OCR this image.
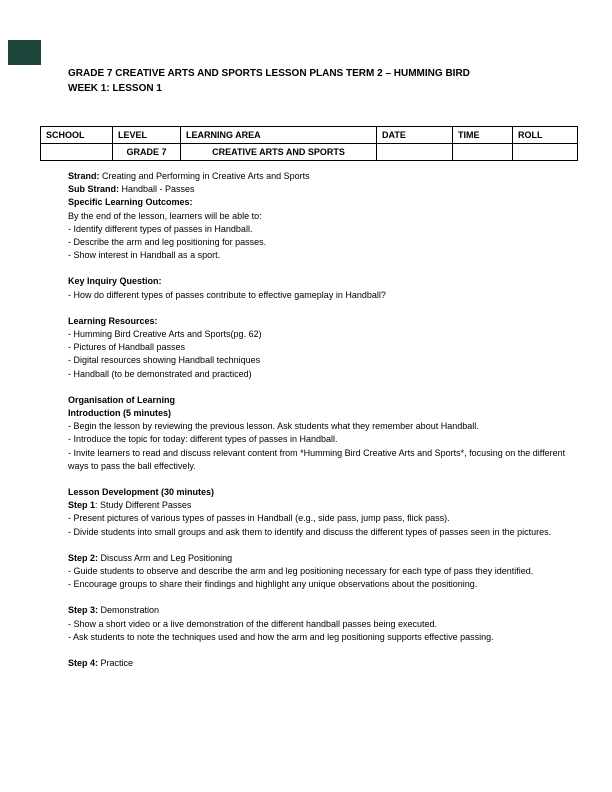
GRADE 7 CREATIVE ARTS AND SPORTS LESSON PLANS TERM 2 – HUMMING BIRD
WEEK 1: LESSON 1
SCHOOL	LEVEL	LEARNING AREA	DATE	TIME	ROLL
	GRADE 7	CREATIVE ARTS AND SPORTS			
Strand: Creating and Performing in Creative Arts and Sports
Sub Strand: Handball - Passes
Specific Learning Outcomes:
By the end of the lesson, learners will be able to:
- Identify different types of passes in Handball.
- Describe the arm and leg positioning for passes.
- Show interest in Handball as a sport.
Key Inquiry Question:
- How do different types of passes contribute to effective gameplay in Handball?
Learning Resources:
- Humming Bird Creative Arts and Sports(pg. 62)
- Pictures of Handball passes
- Digital resources showing Handball techniques
- Handball (to be demonstrated and practiced)
Organisation of Learning
Introduction (5 minutes)
- Begin the lesson by reviewing the previous lesson. Ask students what they remember about Handball.
- Introduce the topic for today: different types of passes in Handball.
- Invite learners to read and discuss relevant content from *Humming Bird Creative Arts and Sports*, focusing on the different ways to pass the ball effectively.
Lesson Development (30 minutes)
Step 1: Study Different Passes
- Present pictures of various types of passes in Handball (e.g., side pass, jump pass, flick pass).
- Divide students into small groups and ask them to identify and discuss the different types of passes seen in the pictures.
Step 2: Discuss Arm and Leg Positioning
- Guide students to observe and describe the arm and leg positioning necessary for each type of pass they identified.
- Encourage groups to share their findings and highlight any unique observations about the positioning.
Step 3: Demonstration
- Show a short video or a live demonstration of the different handball passes being executed.
- Ask students to note the techniques used and how the arm and leg positioning supports effective passing.
Step 4: Practice
